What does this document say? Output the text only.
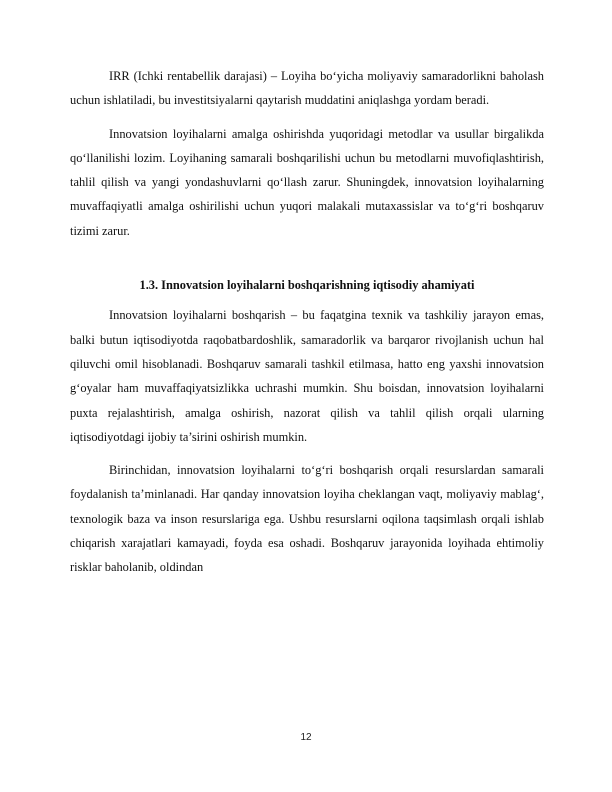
IRR (Ichki rentabellik darajasi) – Loyiha bo‘yicha moliyaviy samaradorlikni baholash uchun ishlatiladi, bu investitsiyalarni qaytarish muddatini aniqlashga yordam beradi.

Innovatsion loyihalarni amalga oshirishda yuqoridagi metodlar va usullar birgalikda qo‘llanilishi lozim. Loyihaning samarali boshqarilishi uchun bu metodlarni muvofiqlashtirish, tahlil qilish va yangi yondashuvlarni qo‘llash zarur. Shuningdek, innovatsion loyihalarning muvaffaqiyatli amalga oshirilishi uchun yuqori malakali mutaxassislar va to‘g‘ri boshqaruv tizimi zarur.

1.3. Innovatsion loyihalarni boshqarishning iqtisodiy ahamiyati

Innovatsion loyihalarni boshqarish – bu faqatgina texnik va tashkiliy jarayon emas, balki butun iqtisodiyotda raqobatbardoshlik, samaradorlik va barqaror rivojlanish uchun hal qiluvchi omil hisoblanadi. Boshqaruv samarali tashkil etilmasa, hatto eng yaxshi innovatsion g‘oyalar ham muvaffaqiyatsizlikka uchrashi mumkin. Shu boisdan, innovatsion loyihalarni puxta rejalashtirish, amalga oshirish, nazorat qilish va tahlil qilish orqali ularning iqtisodiyotdagi ijobiy ta’sirini oshirish mumkin.

Birinchidan, innovatsion loyihalarni to‘g‘ri boshqarish orqali resurslardan samarali foydalanish ta’minlanadi. Har qanday innovatsion loyiha cheklangan vaqt, moliyaviy mablag‘, texnologik baza va inson resurslariga ega. Ushbu resurslarni oqilona taqsimlash orqali ishlab chiqarish xarajatlari kamayadi, foyda esa oshadi. Boshqaruv jarayonida loyihada ehtimoliy risklar baholanib, oldindan

12
